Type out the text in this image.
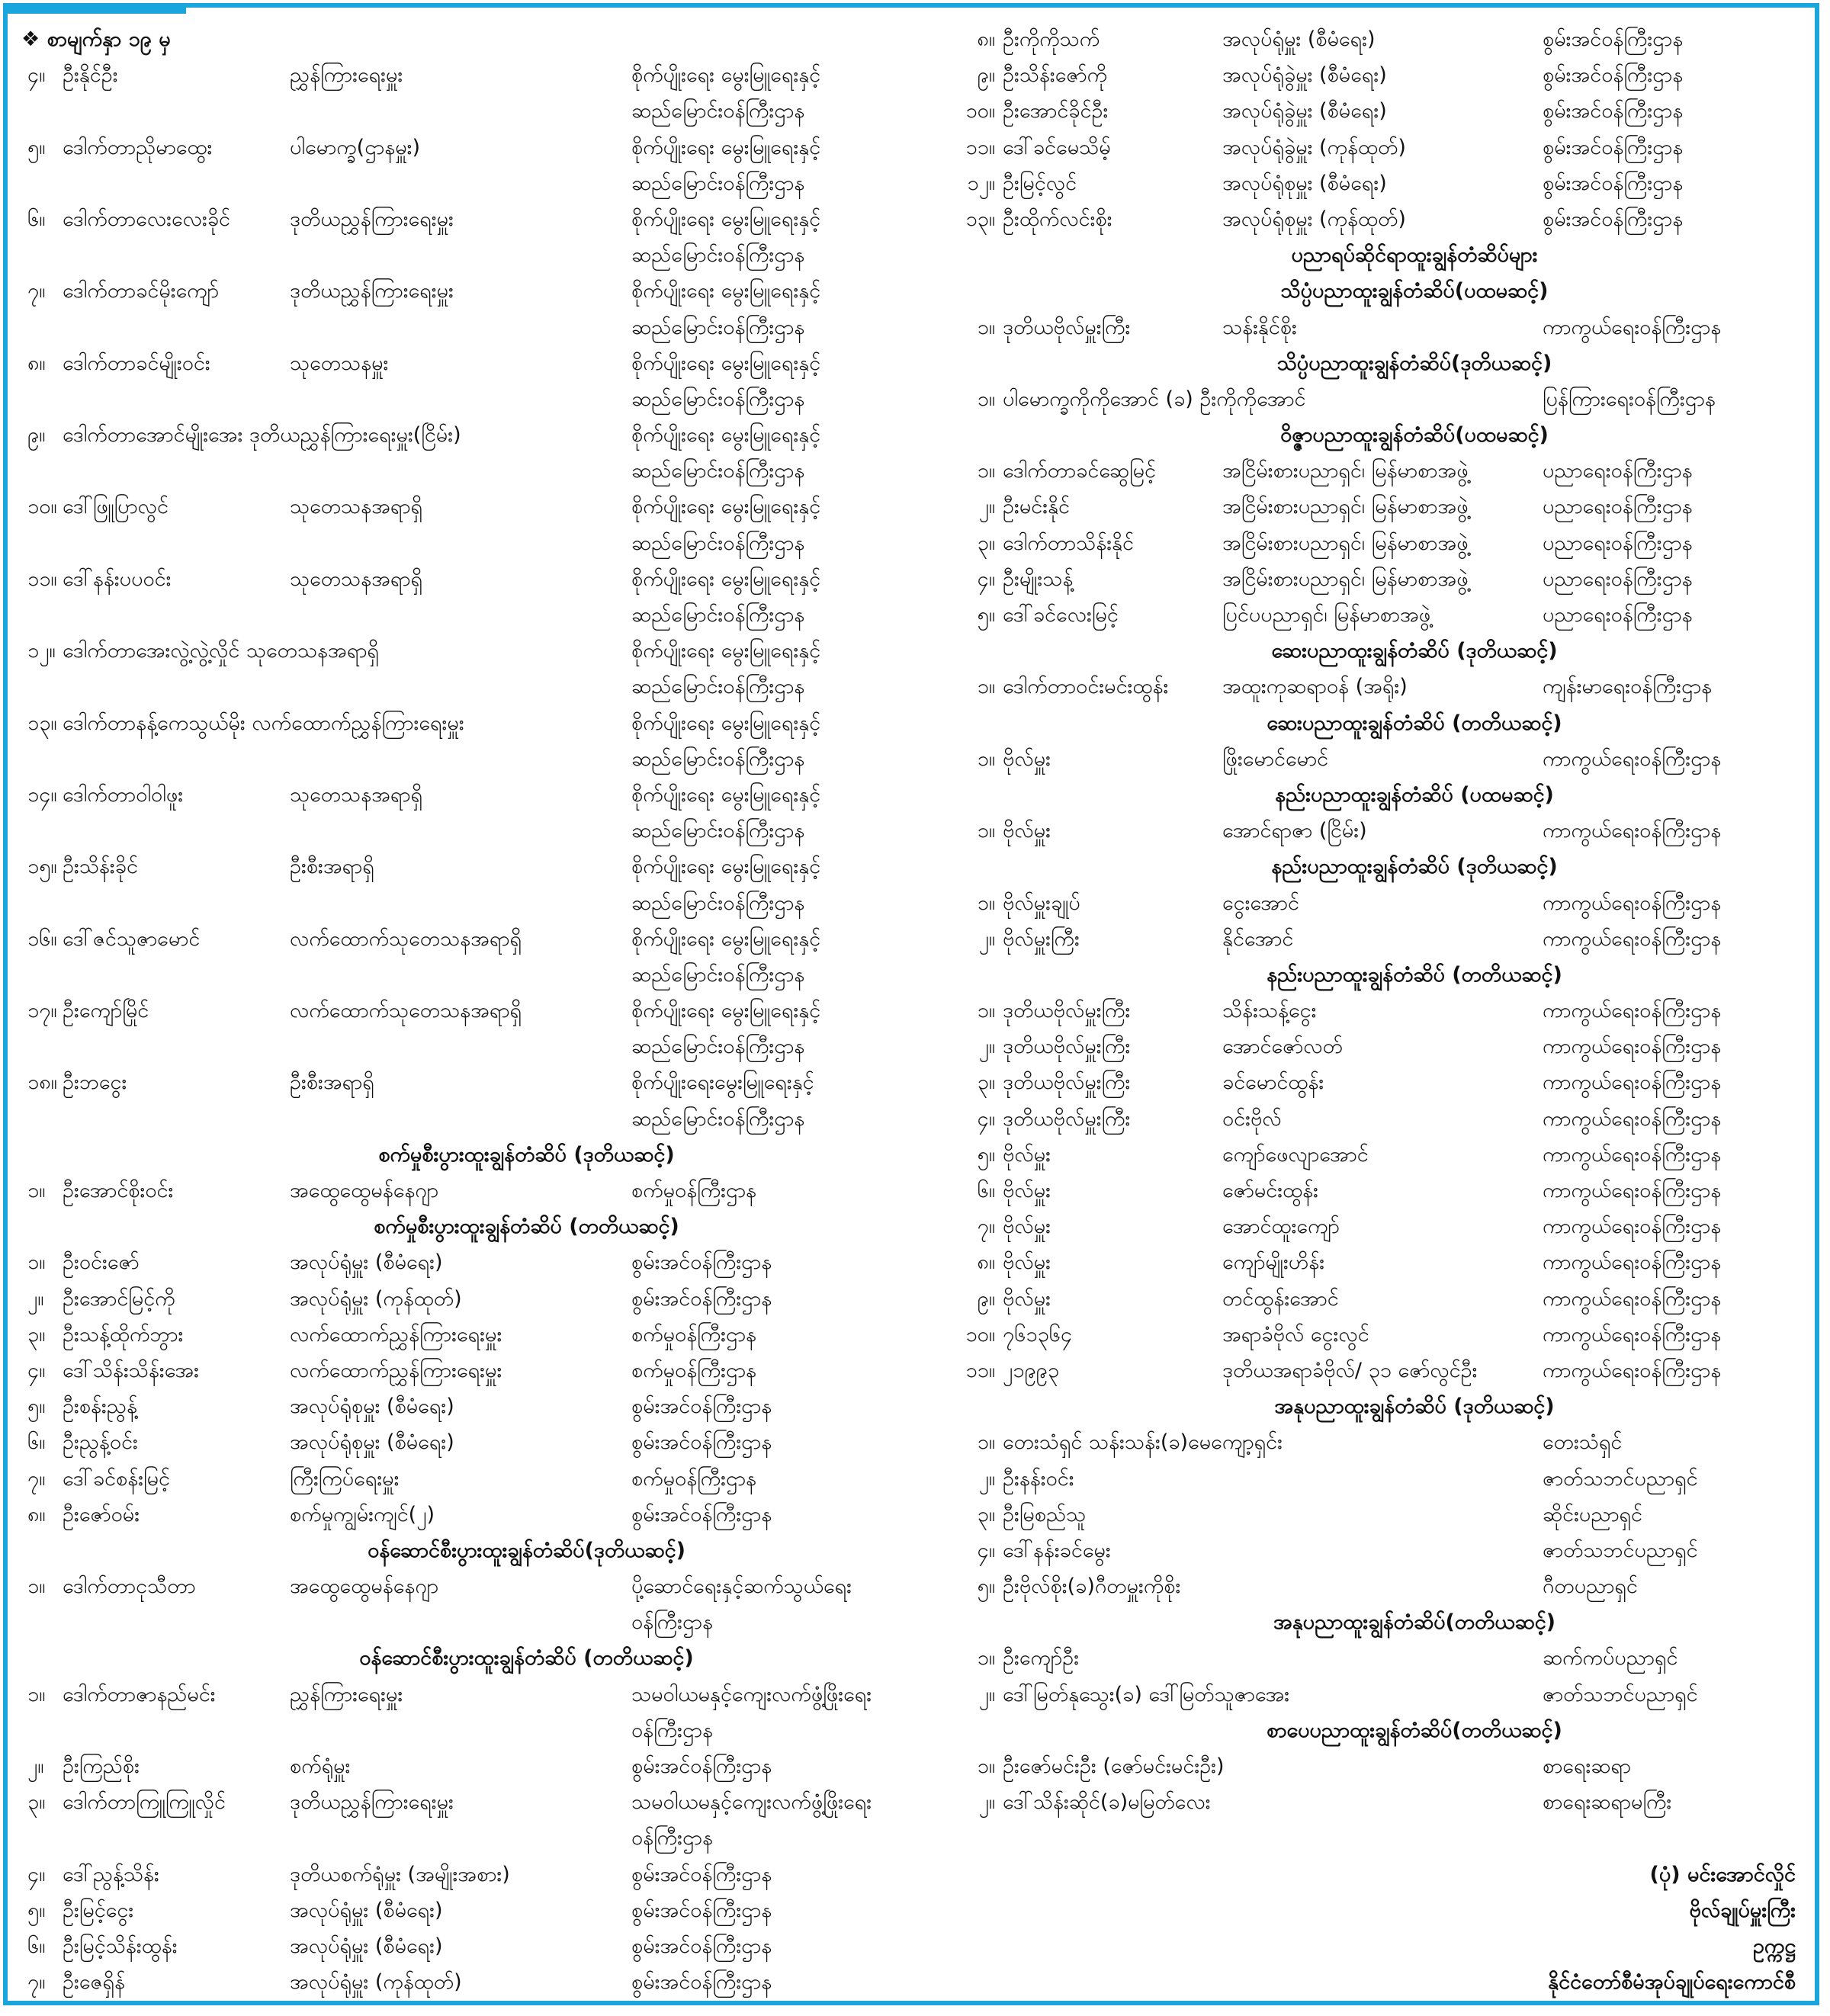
❖ စာမျက်နှာ ၁၉ မှ
၄။ ဦးနိုင်ဦး	ညွှန်ကြားရေးမှူး	စိုက်ပျိုးရေး မွေးမြူရေးနှင့်
ဆည်မြောင်းဝန်ကြီးဌာန
၅။ ဒေါက်တာညိုမာထွေး	ပါမောက္ခ(ဌာနမှူး)	စိုက်ပျိုးရေး မွေးမြူရေးနှင့်
ဆည်မြောင်းဝန်ကြီးဌာန
၆။ ဒေါက်တာလေးလေးခိုင်	ဒုတိယညွှန်ကြားရေးမှူး	စိုက်ပျိုးရေး မွေးမြူရေးနှင့်
ဆည်မြောင်းဝန်ကြီးဌာန
၇။ ဒေါက်တာခင်မိုးကျော်	ဒုတိယညွှန်ကြားရေးမှူး	စိုက်ပျိုးရေး မွေးမြူရေးနှင့်
ဆည်မြောင်းဝန်ကြီးဌာန
၈။ ဒေါက်တာခင်မျိုးဝင်း	သုတေသနမှူး	စိုက်ပျိုးရေး မွေးမြူရေးနှင့်
ဆည်မြောင်းဝန်ကြီးဌာန
၉။ ဒေါက်တာအောင်မျိုးအေး ဒုတိယညွှန်ကြားရေးမှူး(ငြိမ်း)	စိုက်ပျိုးရေး မွေးမြူရေးနှင့်
ဆည်မြောင်းဝန်ကြီးဌာန
၁၀။ ဒေါ်ဖြူပြာလွင်	သုတေသနအရာရှိ	စိုက်ပျိုးရေး မွေးမြူရေးနှင့်
ဆည်မြောင်းဝန်ကြီးဌာန
၁၁။ ဒေါ်နန်းပပဝင်း	သုတေသနအရာရှိ	စိုက်ပျိုးရေး မွေးမြူရေးနှင့်
ဆည်မြောင်းဝန်ကြီးဌာန
၁၂။ ဒေါက်တာအေးလွဲ့လွဲ့လှိုင် သုတေသနအရာရှိ	စိုက်ပျိုးရေး မွေးမြူရေးနှင့်
ဆည်မြောင်းဝန်ကြီးဌာန
၁၃။ ဒေါက်တာနန့်ကေသွယ်မိုး လက်ထောက်ညွှန်ကြားရေးမှူး	စိုက်ပျိုးရေး မွေးမြူရေးနှင့်
ဆည်မြောင်းဝန်ကြီးဌာန
၁၄။ ဒေါက်တာဝါဝါဖူး	သုတေသနအရာရှိ	စိုက်ပျိုးရေး မွေးမြူရေးနှင့်
ဆည်မြောင်းဝန်ကြီးဌာန
၁၅။ ဦးသိန်းခိုင်	ဦးစီးအရာရှိ	စိုက်ပျိုးရေး မွေးမြူရေးနှင့်
ဆည်မြောင်းဝန်ကြီးဌာန
၁၆။ ဒေါ်ဇင်သူဇာမောင်	လက်ထောက်သုတေသနအရာရှိ	စိုက်ပျိုးရေး မွေးမြူရေးနှင့်
ဆည်မြောင်းဝန်ကြီးဌာန
၁၇။ ဦးကျော်မြိုင်	လက်ထောက်သုတေသနအရာရှိ	စိုက်ပျိုးရေး မွေးမြူရေးနှင့်
ဆည်မြောင်းဝန်ကြီးဌာန
၁၈။ ဦးဘငွေး	ဦးစီးအရာရှိ	စိုက်ပျိုးရေးမွေးမြူရေးနှင့်
ဆည်မြောင်းဝန်ကြီးဌာန
စက်မှုစီးပွားထူးချွန်တံဆိပ် (ဒုတိယဆင့်)
၁။ ဦးအောင်စိုးဝင်း	အထွေထွေမန်နေဂျာ	စက်မှုဝန်ကြီးဌာန
စက်မှုစီးပွားထူးချွန်တံဆိပ် (တတိယဆင့်)
၁။ ဦးဝင်းဇော်	အလုပ်ရုံမှူး (စီမံရေး)	စွမ်းအင်ဝန်ကြီးဌာန
၂။ ဦးအောင်မြင့်ကို	အလုပ်ရုံမှူး (ကုန်ထုတ်)	စွမ်းအင်ဝန်ကြီးဌာန
၃။ ဦးသန့်ထိုက်ဘွား	လက်ထောက်ညွှန်ကြားရေးမှူး	စက်မှုဝန်ကြီးဌာန
၄။ ဒေါ်သိန်းသိန်းအေး	လက်ထောက်ညွှန်ကြားရေးမှူး	စက်မှုဝန်ကြီးဌာန
၅။ ဦးစန်းညွန့်	အလုပ်ရုံစုမှူး (စီမံရေး)	စွမ်းအင်ဝန်ကြီးဌာန
၆။ ဦးညွန့်ဝင်း	အလုပ်ရုံစုမှူး (စီမံရေး)	စွမ်းအင်ဝန်ကြီးဌာန
၇။ ဒေါ်ခင်စန်းမြင့်	ကြီးကြပ်ရေးမှူး	စက်မှုဝန်ကြီးဌာန
၈။ ဦးဇော်ဝမ်း	စက်မှုကျွမ်းကျင်(၂)	စွမ်းအင်ဝန်ကြီးဌာန
ဝန်ဆောင်စီးပွားထူးချွန်တံဆိပ်(ဒုတိယဆင့်)
၁။ ဒေါက်တာငုသီတာ	အထွေထွေမန်နေဂျာ	ပို့ဆောင်ရေးနှင့်ဆက်သွယ်ရေး
ဝန်ကြီးဌာန
ဝန်ဆောင်စီးပွားထူးချွန်တံဆိပ် (တတိယဆင့်)
၁။ ဒေါက်တာဇာနည်မင်း	ညွှန်ကြားရေးမှူး	သမဝါယမနှင့်ကျေးလက်ဖွံ့ဖြိုးရေး
ဝန်ကြီးဌာန
၂။ ဦးကြည်စိုး	စက်ရုံမှူး	စွမ်းအင်ဝန်ကြီးဌာန
၃။ ဒေါက်တာကြူကြူလှိုင်	ဒုတိယညွှန်ကြားရေးမှူး	သမဝါယမနှင့်ကျေးလက်ဖွံ့ဖြိုးရေး
ဝန်ကြီးဌာန
၄။ ဒေါ်ညွန့်သိန်း	ဒုတိယစက်ရုံမှူး (အမျိုးအစား)	စွမ်းအင်ဝန်ကြီးဌာန
၅။ ဦးမြင့်ငွေး	အလုပ်ရုံမှူး (စီမံရေး)	စွမ်းအင်ဝန်ကြီးဌာန
၆။ ဦးမြင့်သိန်းထွန်း	အလုပ်ရုံမှူး (စီမံရေး)	စွမ်းအင်ဝန်ကြီးဌာန
၇။ ဦးဇေရှိန်	အလုပ်ရုံမှူး (ကုန်ထုတ်)	စွမ်းအင်ဝန်ကြီးဌာန
၈။ ဦးကိုကိုသက်	အလုပ်ရုံမှူး (စီမံရေး)	စွမ်းအင်ဝန်ကြီးဌာန
၉။ ဦးသိန်းဇော်ကို	အလုပ်ရုံခွဲမှူး (စီမံရေး)	စွမ်းအင်ဝန်ကြီးဌာန
၁၀။ ဦးအောင်ခိုင်ဦး	အလုပ်ရုံခွဲမှူး (စီမံရေး)	စွမ်းအင်ဝန်ကြီးဌာန
၁၁။ ဒေါ်ခင်မေသိမ့်	အလုပ်ရုံခွဲမှူး (ကုန်ထုတ်)	စွမ်းအင်ဝန်ကြီးဌာန
၁၂။ ဦးမြင့်လွင်	အလုပ်ရုံစုမှူး (စီမံရေး)	စွမ်းအင်ဝန်ကြီးဌာန
၁၃။ ဦးထိုက်လင်းစိုး	အလုပ်ရုံစုမှူး (ကုန်ထုတ်)	စွမ်းအင်ဝန်ကြီးဌာန
ပညာရပ်ဆိုင်ရာထူးချွန်တံဆိပ်များ
သိပ္ပံပညာထူးချွန်တံဆိပ်(ပထမဆင့်)
၁။ ဒုတိယဗိုလ်မှူးကြီး	သန်းနိုင်စိုး	ကာကွယ်ရေးဝန်ကြီးဌာန
သိပ္ပံပညာထူးချွန်တံဆိပ်(ဒုတိယဆင့်)
၁။ ပါမောက္ခကိုကိုအောင် (ခ) ဦးကိုကိုအောင်	ပြန်ကြားရေးဝန်ကြီးဌာန
ဝိဇ္ဇာပညာထူးချွန်တံဆိပ်(ပထမဆင့်)
၁။ ဒေါက်တာခင်ဆွေမြင့်	အငြိမ်းစားပညာရှင်၊ မြန်မာစာအဖွဲ့	ပညာရေးဝန်ကြီးဌာန
၂။ ဦးမင်းနိုင်	အငြိမ်းစားပညာရှင်၊ မြန်မာစာအဖွဲ့	ပညာရေးဝန်ကြီးဌာန
၃။ ဒေါက်တာသိန်းနိုင်	အငြိမ်းစားပညာရှင်၊ မြန်မာစာအဖွဲ့	ပညာရေးဝန်ကြီးဌာန
၄။ ဦးမျိုးသန့်	အငြိမ်းစားပညာရှင်၊ မြန်မာစာအဖွဲ့	ပညာရေးဝန်ကြီးဌာန
၅။ ဒေါ်ခင်လေးမြင့်	ပြင်ပပညာရှင်၊ မြန်မာစာအဖွဲ့	ပညာရေးဝန်ကြီးဌာန
ဆေးပညာထူးချွန်တံဆိပ် (ဒုတိယဆင့်)
၁။ ဒေါက်တာဝင်းမင်းထွန်း	အထူးကုဆရာဝန် (အရိုး)	ကျန်းမာရေးဝန်ကြီးဌာန
ဆေးပညာထူးချွန်တံဆိပ် (တတိယဆင့်)
၁။ ဗိုလ်မှူး	ဖြိုးမောင်မောင်	ကာကွယ်ရေးဝန်ကြီးဌာန
နည်းပညာထူးချွန်တံဆိပ် (ပထမဆင့်)
၁။ ဗိုလ်မှူး	အောင်ရာဇာ (ငြိမ်း)	ကာကွယ်ရေးဝန်ကြီးဌာန
နည်းပညာထူးချွန်တံဆိပ် (ဒုတိယဆင့်)
၁။ ဗိုလ်မှူးချုပ်	ငွေးအောင်	ကာကွယ်ရေးဝန်ကြီးဌာန
၂။ ဗိုလ်မှူးကြီး	နိုင်အောင်	ကာကွယ်ရေးဝန်ကြီးဌာန
နည်းပညာထူးချွန်တံဆိပ် (တတိယဆင့်)
၁။ ဒုတိယဗိုလ်မှူးကြီး	သိန်းသန့်ငွေး	ကာကွယ်ရေးဝန်ကြီးဌာန
၂။ ဒုတိယဗိုလ်မှူးကြီး	အောင်ဇော်လတ်	ကာကွယ်ရေးဝန်ကြီးဌာန
၃။ ဒုတိယဗိုလ်မှူးကြီး	ခင်မောင်ထွန်း	ကာကွယ်ရေးဝန်ကြီးဌာန
၄။ ဒုတိယဗိုလ်မှူးကြီး	ဝင်းဗိုလ်	ကာကွယ်ရေးဝန်ကြီးဌာန
၅။ ဗိုလ်မှူး	ကျော်ဖေလျာအောင်	ကာကွယ်ရေးဝန်ကြီးဌာန
၆။ ဗိုလ်မှူး	ဇော်မင်းထွန်း	ကာကွယ်ရေးဝန်ကြီးဌာန
၇။ ဗိုလ်မှူး	အောင်ထူးကျော်	ကာကွယ်ရေးဝန်ကြီးဌာန
၈။ ဗိုလ်မှူး	ကျော်မျိုးဟိန်း	ကာကွယ်ရေးဝန်ကြီးဌာန
၉။ ဗိုလ်မှူး	တင်ထွန်းအောင်	ကာကွယ်ရေးဝန်ကြီးဌာန
၁၀။ ၇၆၁၃၆၄	အရာခံဗိုလ် ငွေးလွင်	ကာကွယ်ရေးဝန်ကြီးဌာန
၁၁။ ၂၁၉၉၃	ဒုတိယအရာခံဗိုလ်/ ၃၁ ဇော်လွင်ဦး	ကာကွယ်ရေးဝန်ကြီးဌာန
အနုပညာထူးချွန်တံဆိပ် (ဒုတိယဆင့်)
၁။ တေးသံရှင် သန်းသန်း(ခ)မေကျော့ရှင်း	တေးသံရှင်
၂။ ဦးနန်းဝင်း	ဇာတ်သဘင်ပညာရှင်
၃။ ဦးမြစည်သူ	ဆိုင်းပညာရှင်
၄။ ဒေါ်နန်းခင်မွေး	ဇာတ်သဘင်ပညာရှင်
၅။ ဦးဗိုလ်စိုး(ခ)ဂီတမှူးကိုစိုး	ဂီတပညာရှင်
အနုပညာထူးချွန်တံဆိပ်(တတိယဆင့်)
၁။ ဦးကျော်ဦး	ဆက်ကပ်ပညာရှင်
၂။ ဒေါ်မြတ်နုသွေး(ခ) ဒေါ်မြတ်သူဇာအေး	ဇာတ်သဘင်ပညာရှင်
စာပေပညာထူးချွန်တံဆိပ်(တတိယဆင့်)
၁။ ဦးဇော်မင်းဦး (ဇော်မင်းမင်းဦး)	စာရေးဆရာ
၂။ ဒေါ်သိန်းဆိုင်(ခ)မမြတ်လေး	စာရေးဆရာမကြီး
(ပုံ) မင်းအောင်လှိုင်
ဗိုလ်ချုပ်မှူးကြီး
ဥက္ကဋ္ဌ
နိုင်ငံတော်စီမံအုပ်ချုပ်ရေးကောင်စီ
